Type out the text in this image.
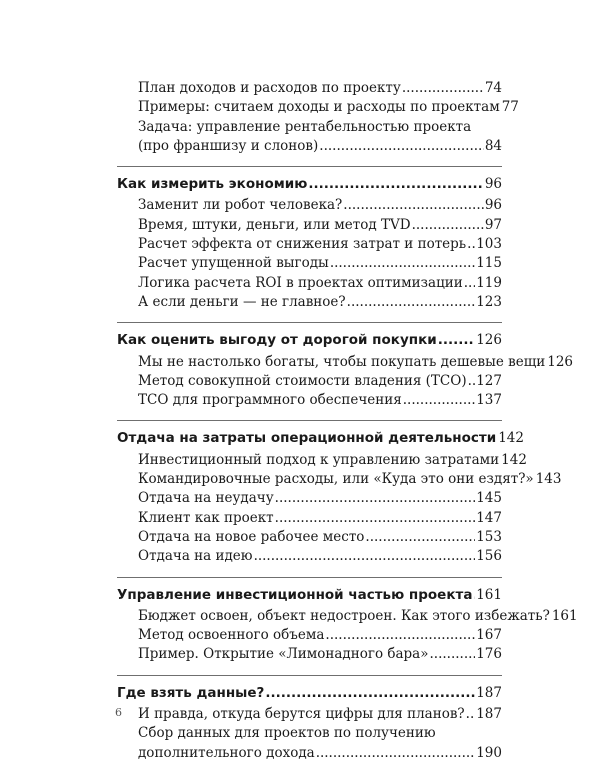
План доходов и расходов по проекту .....	74
Примеры: считаем доходы и расходы по проектам 77
Задача: управление рентабельностью проекта
(про франшизу и слонов) .....	84
Как измерить экономию .....	96
Заменит ли робот человека? .....	96
Время, штуки, деньги, или метод TVD .....	97
Расчет эффекта от снижения затрат и потерь ..... 103
Расчет упущенной выгоды .....	115
Логика расчета ROI в проектах оптимизации ..... 119
А если деньги — не главное? .....	123
Как оценить выгоду от дорогой покупки .....	126
Мы не настолько богаты, чтобы покупать дешевые вещи 126
Метод совокупной стоимости владения (TCO) ..... 127
TCO для программного обеспечения .....	137
Отдача на затраты операционной деятельности 142
Инвестиционный подход к управлению затратами 142
Командировочные расходы, или «Куда это они ездят?» 143
Отдача на неудачу .....	145
Клиент как проект .....	147
Отдача на новое рабочее место .....	153
Отдача на идею .....	156
Управление инвестиционной частью проекта ..... 161
Бюджет освоен, объект недостроен. Как этого избежать? 161
Метод освоенного объема .....	167
Пример. Открытие «Лимонадного бара» .....	176
Где взять данные? .....	187
И правда, откуда берутся цифры для планов? ..... 187
Сбор данных для проектов по получению
дополнительного дохода .....	190
6
